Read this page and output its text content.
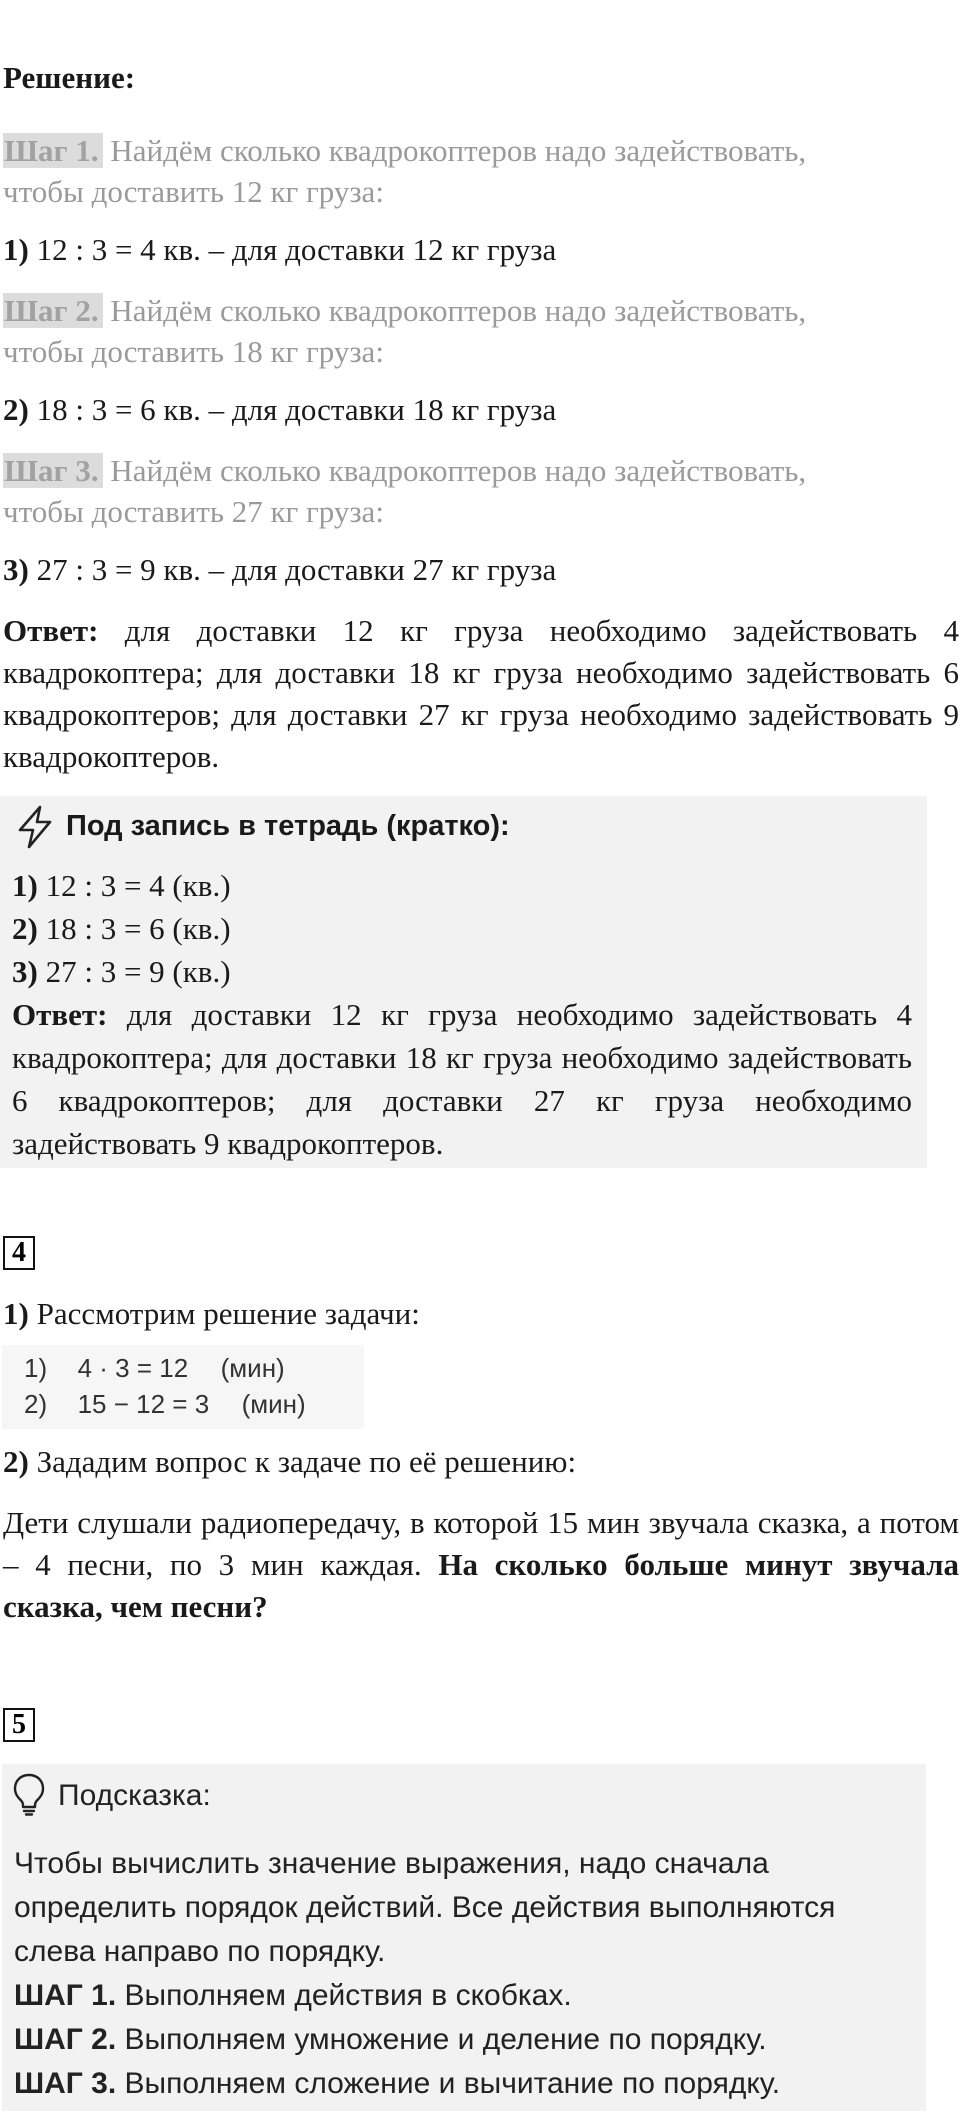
Решение:
Шаг 1. Найдём сколько квадрокоптеров надо задействовать,
чтобы доставить 12 кг груза:
1) 12 : 3 = 4 кв. – для доставки 12 кг груза
Шаг 2. Найдём сколько квадрокоптеров надо задействовать,
чтобы доставить 18 кг груза:
2) 18 : 3 = 6 кв. – для доставки 18 кг груза
Шаг 3. Найдём сколько квадрокоптеров надо задействовать,
чтобы доставить 27 кг груза:
3) 27 : 3 = 9 кв. – для доставки 27 кг груза
Ответ: для доставки 12 кг груза необходимо задействовать 4 квадрокоптера; для доставки 18 кг груза необходимо задействовать 6 квадрокоптеров; для доставки 27 кг груза необходимо задействовать 9 квадрокоптеров.
Под запись в тетрадь (кратко):
1) 12 : 3 = 4 (кв.)
2) 18 : 3 = 6 (кв.)
3) 27 : 3 = 9 (кв.)
Ответ: для доставки 12 кг груза необходимо задействовать 4 квадрокоптера; для доставки 18 кг груза необходимо задействовать 6 квадрокоптеров; для доставки 27 кг груза необходимо задействовать 9 квадрокоптеров.
4
1) Рассмотрим решение задачи:
1) 4 · 3 = 12 (мин)
2) 15 − 12 = 3 (мин)
2) Зададим вопрос к задаче по её решению:
Дети слушали радиопередачу, в которой 15 мин звучала сказка, а потом – 4 песни, по 3 мин каждая. На сколько больше минут звучала сказка, чем песни?
5
Подсказка:
Чтобы вычислить значение выражения, надо сначала
определить порядок действий. Все действия выполняются
слева направо по порядку.
ШАГ 1. Выполняем действия в скобках.
ШАГ 2. Выполняем умножение и деление по порядку.
ШАГ 3. Выполняем сложение и вычитание по порядку.
